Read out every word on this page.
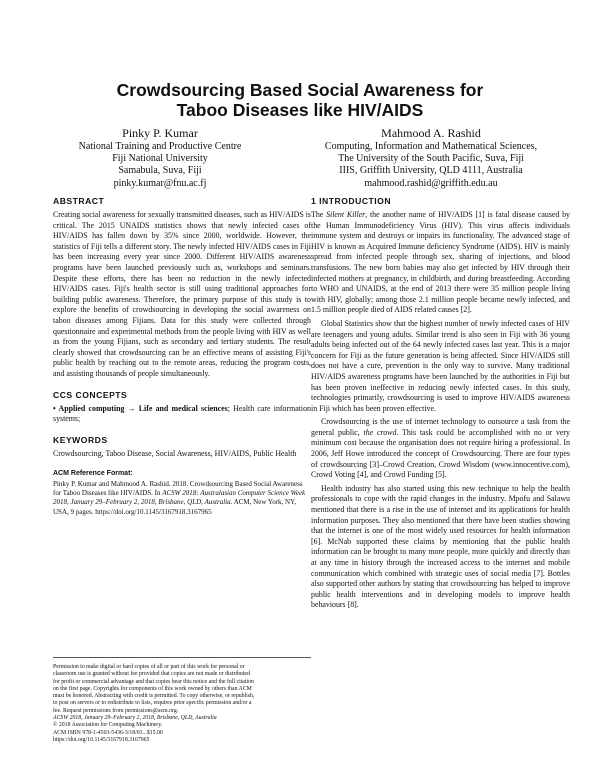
Crowdsourcing Based Social Awareness for
Taboo Diseases like HIV/AIDS
Pinky P. Kumar
National Training and Productive Centre
Fiji National University
Samabula, Suva, Fiji
pinky.kumar@fnu.ac.fj
Mahmood A. Rashid
Computing, Information and Mathematical Sciences,
The University of the South Pacific, Suva, Fiji
IIIS, Griffith University, QLD 4111, Australia
mahmood.rashid@griffith.edu.au
ABSTRACT

Creating social awareness for sexually transmitted diseases, such as HIV/AIDS is critical. The 2015 UNAIDS statistics shows that newly infected cases of HIV/AIDS has fallen down by 35% since 2000, worldwide. However, the statistics of Fiji tells a different story. The newly infected HIV/AIDS cases in Fiji has been increasing every year since 2000. Different HIV/AIDS awareness programs have been launched previously such as, workshops and seminars. Despite these efforts, there has been no reduction in the newly infected HIV/AIDS cases. Fiji's health sector is still using traditional approaches for building public awareness. Therefore, the primary purpose of this study is to explore the benefits of crowdsourcing in developing the social awareness on taboo diseases among Fijians. Data for this study were collected through questionnaire and experimental methods from the people living with HIV as well as from the young Fijians, such as secondary and tertiary students. The result clearly showed that crowdsourcing can be an effective means of assisting Fiji's public health by reaching out to the remote areas, reducing the program costs, and assisting thousands of people simultaneously.

CCS CONCEPTS

• Applied computing → Life and medical sciences; Health care information systems;

KEYWORDS

Crowdsourcing, Taboo Disease, Social Awareness, HIV/AIDS, Public Health

ACM Reference Format:

Pinky P. Kumar and Mahmood A. Rashid. 2018. Crowdsourcing Based Social Awareness for Taboo Diseases like HIV/AIDS. In ACSW 2018: Australasian Computer Science Week 2018, January 29–February 2, 2018, Brisbane, QLD, Australia. ACM, New York, NY, USA, 9 pages. https://doi.org/10.1145/3167918.3167965

Permission to make digital or hard copies of all or part of this work for personal or
classroom use is granted without fee provided that copies are not made or distributed
for profit or commercial advantage and that copies bear this notice and the full citation
on the first page. Copyrights for components of this work owned by others than ACM
must be honored. Abstracting with credit is permitted. To copy otherwise, or republish,
to post on servers or to redistribute to lists, requires prior specific permission and/or a
fee. Request permissions from permissions@acm.org.
ACSW 2018, January 29–February 2, 2018, Brisbane, QLD, Australia
© 2018 Association for Computing Machinery.
ACM ISBN 978-1-4503-5436-3/18/01...$15.00
https://doi.org/10.1145/3167918.3167965
1 INTRODUCTION

The Silent Killer, the another name of HIV/AIDS [1] is fatal disease caused by the Human Immunodeficiency Virus (HIV). This virus affects individuals immune system and destroys or impairs its functionality. The advanced stage of HIV is known as Acquired Immune deficiency Syndrome (AIDS). HIV is mainly spread from infected people through sex, sharing of injections, and blood transfusions. The new born babies may also get infected by HIV through their infected mothers at pregnancy, in childbirth, and during breastfeeding. According to WHO and UNAIDS, at the end of 2013 there were 35 million people living with HIV, globally; among those 2.1 million people became newly infected, and 1.5 million people died of AIDS related causes [2].

Global Statistics show that the highest number of newly infected cases of HIV are teenagers and young adults. Similar trend is also seen in Fiji with 36 young adults being infected out of the 64 newly infected cases last year. This is a major concern for Fiji as the future generation is being affected. Since HIV/AIDS still does not have a cure, prevention is the only way to survive. Many traditional HIV/AIDS awareness programs have been launched by the authorities in Fiji but has been proven ineffective in reducing newly infected cases. In this study, technologies primarily, crowdsourcing is used to improve HIV/AIDS awareness in Fiji which has been proven effective.

Crowdsourcing is the use of internet technology to outsource a task from the general public, the crowd. This task could be accomplished with no or very minimum cost because the organisation does not require hiring a professional. In 2006, Jeff Howe introduced the concept of Crowdsourcing. There are four types of crowdsourcing [3]–Crowd Creation, Crowd Wisdom (www.innocentive.com), Crowd Voting [4], and Crowd Funding [5].

Health industry has also started using this new technique to help the health professionals to cope with the rapid changes in the industry. Mpofu and Salawu mentioned that there is a rise in the use of internet and its applications for health information purposes. They also mentioned that there have been studies showing that the internet is one of the most widely used resources for health information [6]. McNab supported these claims by mentioning that the public health information can be brought to many more people, more quickly and directly than at any time in history through the increased access to the internet and mobile communication which combined with strategic uses of social media [7]. Bottles also supported other authors by stating that crowdsourcing has helped to improve public health interventions and in developing models to improve health behaviours [8].
